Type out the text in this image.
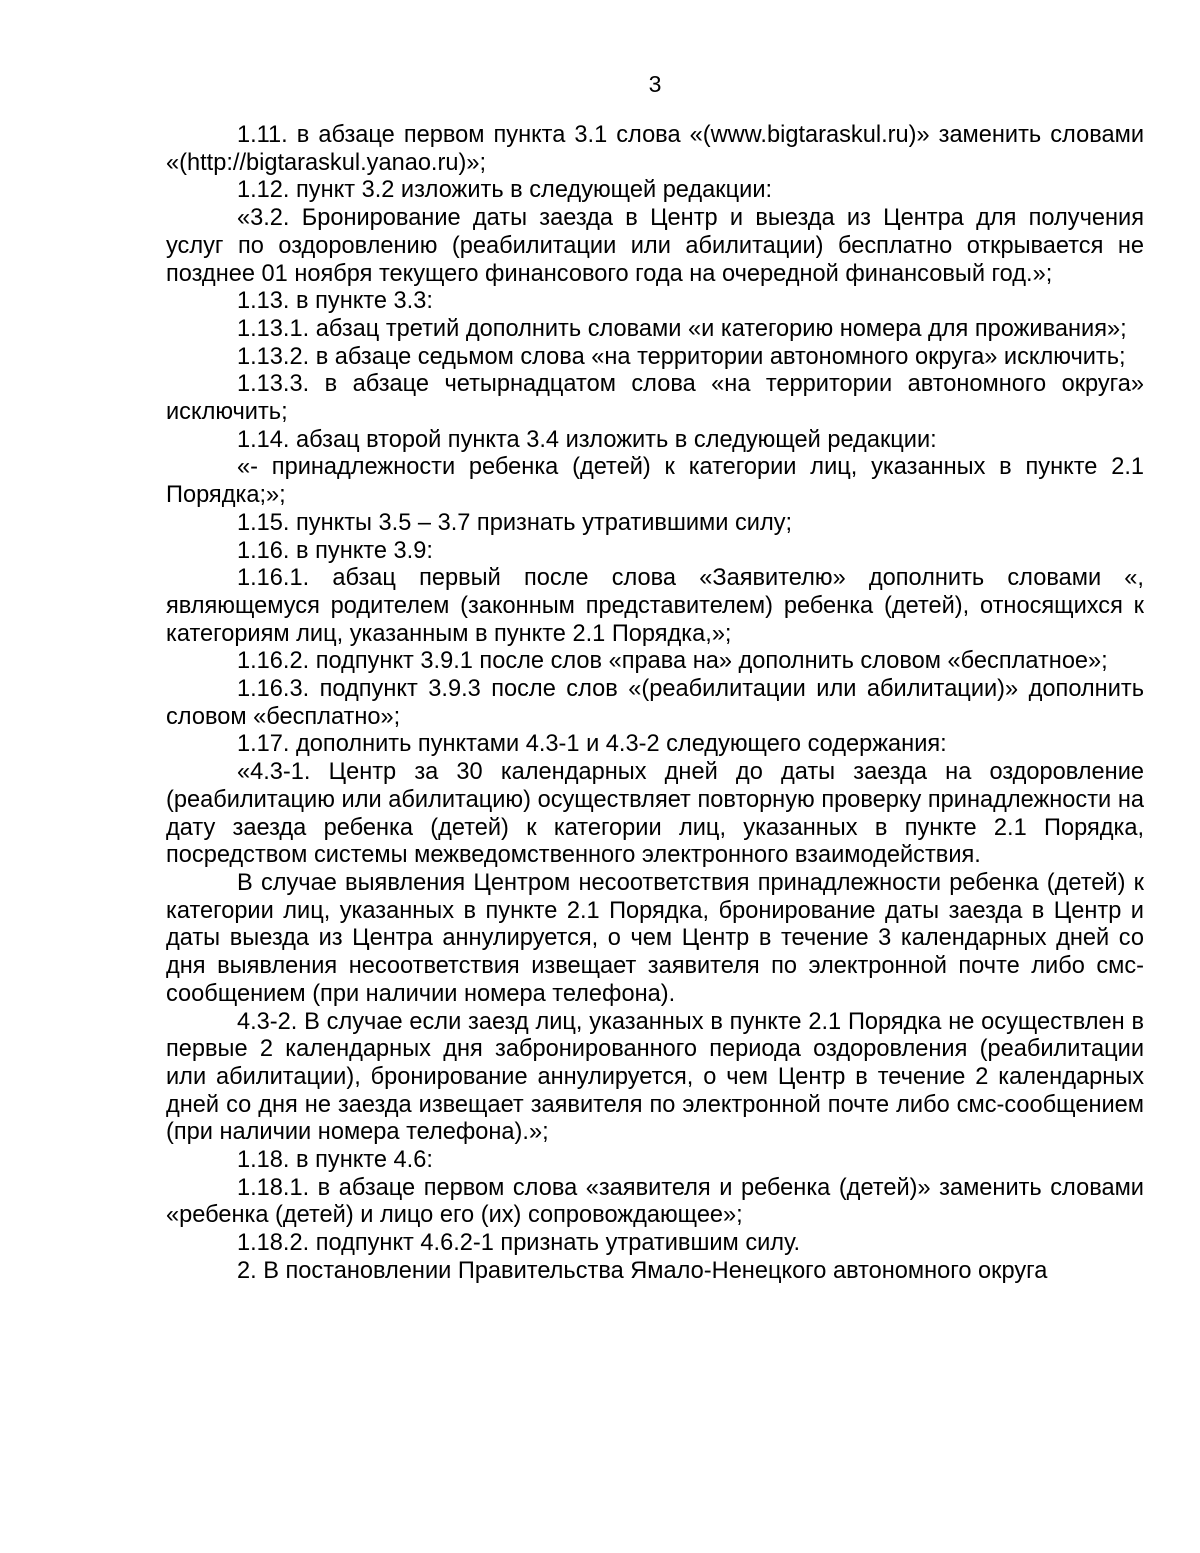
3

1.11. в абзаце первом пункта 3.1 слова «(www.bigtaraskul.ru)» заменить словами «(http://bigtaraskul.yanao.ru)»;

1.12. пункт 3.2 изложить в следующей редакции:

«3.2. Бронирование даты заезда в Центр и выезда из Центра для получения услуг по оздоровлению (реабилитации или абилитации) бесплатно открывается не позднее 01 ноября текущего финансового года на очередной финансовый год.»;

1.13. в пункте 3.3:

1.13.1. абзац третий дополнить словами «и категорию номера для проживания»;

1.13.2. в абзаце седьмом слова «на территории автономного округа» исключить;

1.13.3. в абзаце четырнадцатом слова «на территории автономного округа» исключить;

1.14. абзац второй пункта 3.4 изложить в следующей редакции:

«- принадлежности ребенка (детей) к категории лиц, указанных в пункте 2.1 Порядка;»;

1.15. пункты 3.5 – 3.7 признать утратившими силу;

1.16. в пункте 3.9:

1.16.1. абзац первый после слова «Заявителю» дополнить словами «, являющемуся родителем (законным представителем) ребенка (детей), относящихся к категориям лиц, указанным в пункте 2.1 Порядка,»;

1.16.2. подпункт 3.9.1 после слов «права на» дополнить словом «бесплатное»;

1.16.3. подпункт 3.9.3 после слов «(реабилитации или абилитации)» дополнить словом «бесплатно»;

1.17. дополнить пунктами 4.3-1 и 4.3-2 следующего содержания:

«4.3-1. Центр за 30 календарных дней до даты заезда на оздоровление (реабилитацию или абилитацию) осуществляет повторную проверку принадлежности на дату заезда ребенка (детей) к категории лиц, указанных в пункте 2.1 Порядка, посредством системы межведомственного электронного взаимодействия.

В случае выявления Центром несоответствия принадлежности ребенка (детей) к категории лиц, указанных в пункте 2.1 Порядка, бронирование даты заезда в Центр и даты выезда из Центра аннулируется, о чем Центр в течение 3 календарных дней со дня выявления несоответствия извещает заявителя по электронной почте либо смс-сообщением (при наличии номера телефона).

4.3-2. В случае если заезд лиц, указанных в пункте 2.1 Порядка не осуществлен в первые 2 календарных дня забронированного периода оздоровления (реабилитации или абилитации), бронирование аннулируется, о чем Центр в течение 2 календарных дней со дня не заезда извещает заявителя по электронной почте либо смс-сообщением (при наличии номера телефона).»;

1.18. в пункте 4.6:

1.18.1. в абзаце первом слова «заявителя и ребенка (детей)» заменить словами «ребенка (детей) и лицо его (их) сопровождающее»;

1.18.2. подпункт 4.6.2-1 признать утратившим силу.

2. В постановлении Правительства Ямало-Ненецкого автономного округа
